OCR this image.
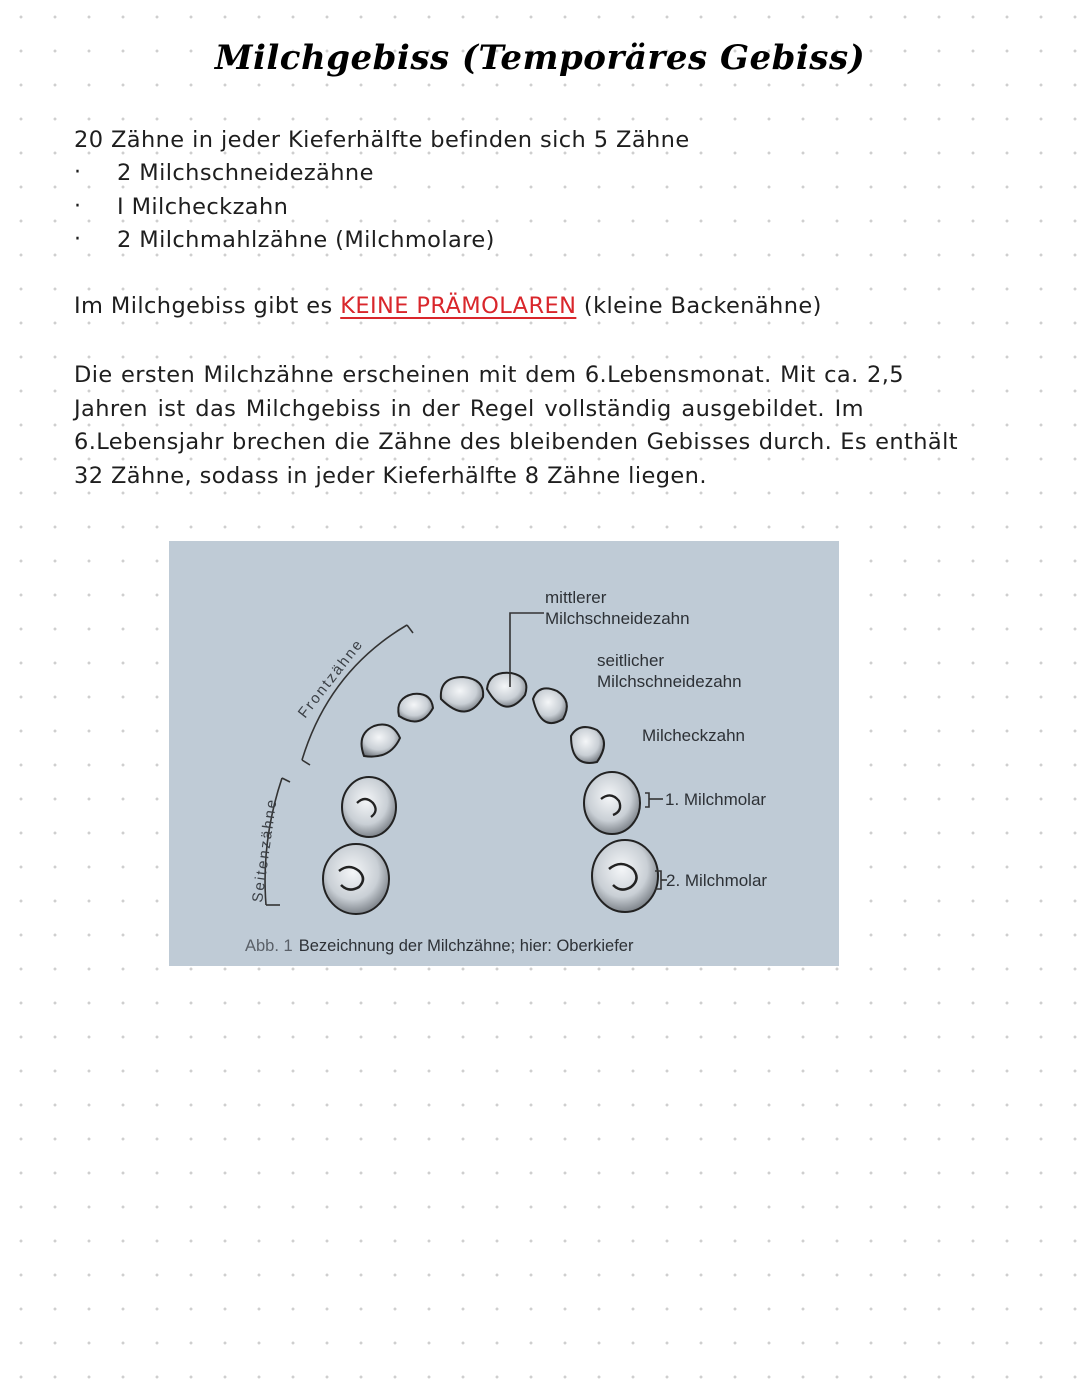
Milchgebiss (Temporäres Gebiss)
20 Zähne in jeder Kieferhälfte befinden sich 5 Zähne
· 2 Milchschneidezähne
· I Milcheckzahn
· 2 Milchmahlzähne (Milchmolare)
Im Milchgebiss gibt es KEINE PRÄMOLAREN (kleine Backenähne)
Die ersten Milchzähne erscheinen mit dem 6.Lebensmonat. Mit ca. 2,5
Jahren ist das Milchgebiss in der Regel vollständig ausgebildet. Im
6.Lebensjahr brechen die Zähne des bleibenden Gebisses durch. Es enthält
32 Zähne, sodass in jeder Kieferhälfte 8 Zähne liegen.
Frontzähne
Seitenzähne
mittlerer
Milchschneidezahn
seitlicher
Milchschneidezahn
Milcheckzahn
1. Milchmolar
2. Milchmolar
Abb. 1 Bezeichnung der Milchzähne; hier: Oberkiefer
